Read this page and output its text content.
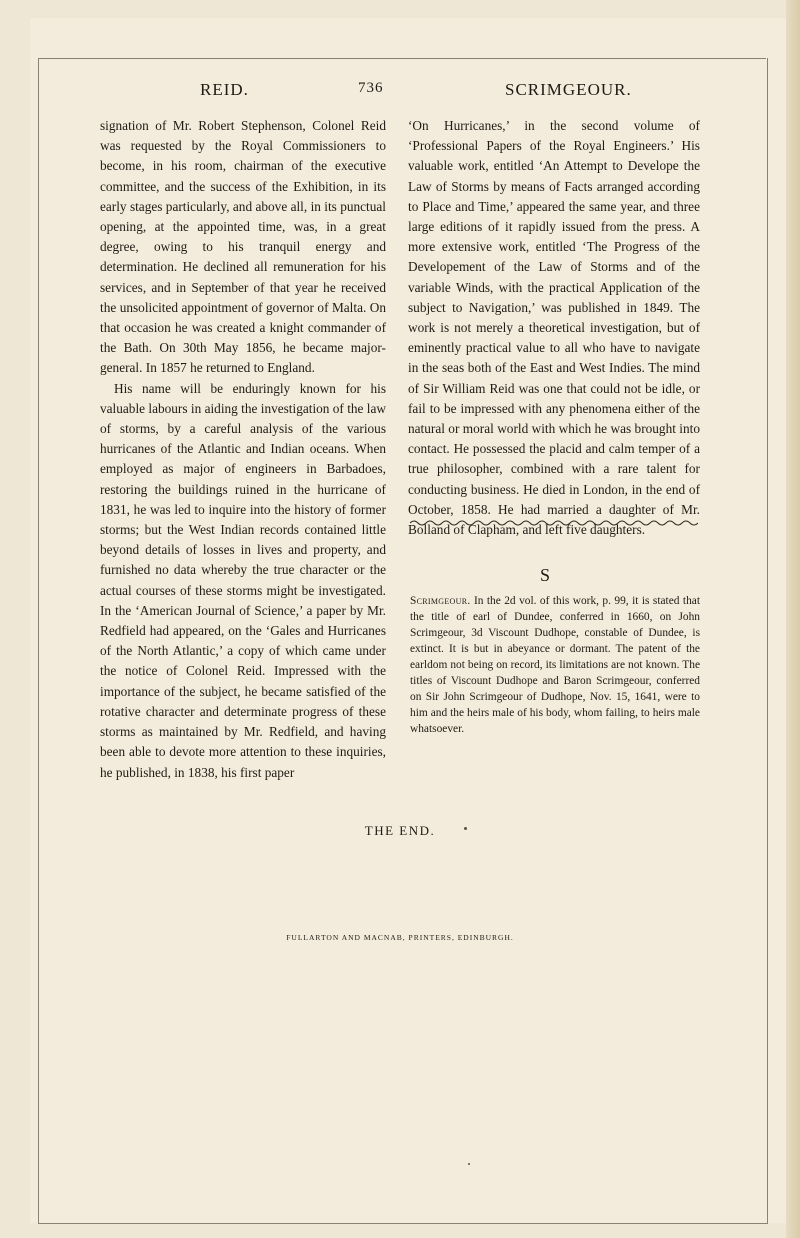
REID.	736	SCRIMGEOUR.

signation of Mr. Robert Stephenson, Colonel Reid was requested by the Royal Commissioners to become, in his room, chairman of the executive committee, and the success of the Exhibition, in its early stages particularly, and above all, in its punctual opening, at the appointed time, was, in a great degree, owing to his tranquil energy and determination. He declined all remuneration for his services, and in September of that year he received the unsolicited appointment of governor of Malta. On that occasion he was created a knight commander of the Bath. On 30th May 1856, he became major-general. In 1857 he returned to England.

His name will be enduringly known for his valuable labours in aiding the investigation of the law of storms, by a careful analysis of the various hurricanes of the Atlantic and Indian oceans. When employed as major of engineers in Barbadoes, restoring the buildings ruined in the hurricane of 1831, he was led to inquire into the history of former storms; but the West Indian records contained little beyond details of losses in lives and property, and furnished no data whereby the true character or the actual courses of these storms might be investigated. In the ‘American Journal of Science,’ a paper by Mr. Redfield had appeared, on the ‘Gales and Hurricanes of the North Atlantic,’ a copy of which came under the notice of Colonel Reid. Impressed with the importance of the subject, he became satisfied of the rotative character and determinate progress of these storms as maintained by Mr. Redfield, and having been able to devote more attention to these inquiries, he published, in 1838, his first paper

‘On Hurricanes,’ in the second volume of ‘Professional Papers of the Royal Engineers.’ His valuable work, entitled ‘An Attempt to Develope the Law of Storms by means of Facts arranged according to Place and Time,’ appeared the same year, and three large editions of it rapidly issued from the press. A more extensive work, entitled ‘The Progress of the Developement of the Law of Storms and of the variable Winds, with the practical Application of the subject to Navigation,’ was published in 1849. The work is not merely a theoretical investigation, but of eminently practical value to all who have to navigate in the seas both of the East and West Indies. The mind of Sir William Reid was one that could not be idle, or fail to be impressed with any phenomena either of the natural or moral world with which he was brought into contact. He possessed the placid and calm temper of a true philosopher, combined with a rare talent for conducting business. He died in London, in the end of October, 1858. He had married a daughter of Mr. Bolland of Clapham, and left five daughters.

S
Scrimgeour. In the 2d vol. of this work, p. 99, it is stated that the title of earl of Dundee, conferred in 1660, on John Scrimgeour, 3d Viscount Dudhope, constable of Dundee, is extinct. It is but in abeyance or dormant. The patent of the earldom not being on record, its limitations are not known. The titles of Viscount Dudhope and Baron Scrimgeour, conferred on Sir John Scrimgeour of Dudhope, Nov. 15, 1641, were to him and the heirs male of his body, whom failing, to heirs male whatsoever.
THE END.
FULLARTON AND MACNAB, PRINTERS, EDINBURGH.
